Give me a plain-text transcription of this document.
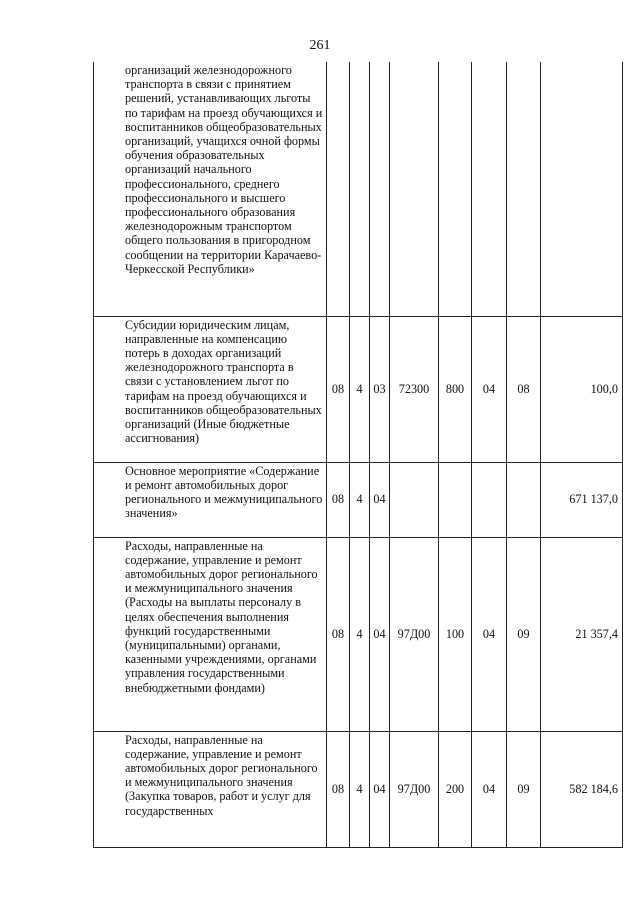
261
организаций железнодорожного транспорта в связи с принятием решений, устанавливающих льготы по тарифам на проезд обучающихся и воспитанников общеобразовательных организаций, учащихся очной формы обучения образовательных организаций начального профессионального, среднего профессионального и высшего профессионального образования железнодорожным транспортом общего пользования в пригородном сообщении на территории Карачаево-Черкесской Республики»								
Субсидии юридическим лицам, направленные на компенсацию потерь в доходах организаций железнодорожного транспорта в связи с установлением льгот по тарифам на проезд обучающихся и воспитанников общеобразовательных организаций (Иные бюджетные ассигнования)	08	4	03	72300	800	04	08	100,0
Основное мероприятие «Содержание и ремонт автомобильных дорог регионального и межмуниципального значения»	08	4	04					671 137,0
Расходы, направленные на содержание, управление и ремонт автомобильных дорог регионального и межмуниципального значения (Расходы на выплаты персоналу в целях обеспечения выполнения функций государственными (муниципальными) органами, казенными учреждениями, органами управления государственными внебюджетными фондами)	08	4	04	97Д00	100	04	09	21 357,4
Расходы, направленные на содержание, управление и ремонт автомобильных дорог регионального и межмуниципального значения (Закупка товаров, работ и услуг для государственных	08	4	04	97Д00	200	04	09	582 184,6
